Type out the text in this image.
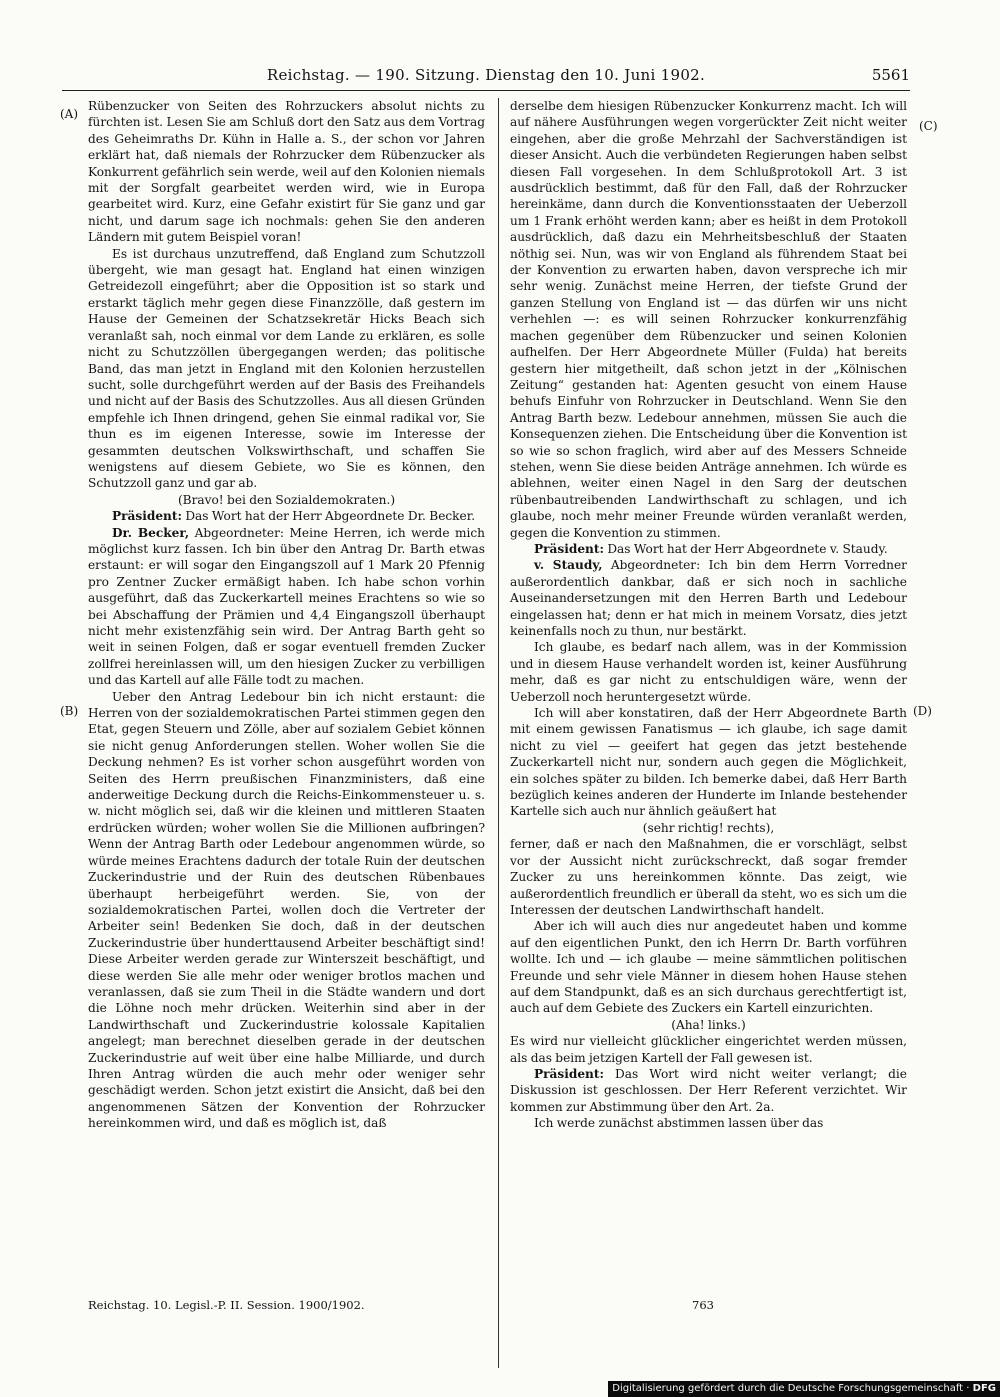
Reichstag. — 190. Sitzung. Dienstag den 10. Juni 1902.	5561
(A)
(B)
(C)
(D)

Rübenzucker von Seiten des Rohrzuckers absolut nichts zu fürchten ist. Lesen Sie am Schluß dort den Satz aus dem Vortrag des Geheimraths Dr. Kühn in Halle a. S., der schon vor Jahren erklärt hat, daß niemals der Rohrzucker dem Rübenzucker als Konkurrent gefährlich sein werde, weil auf den Kolonien niemals mit der Sorgfalt gearbeitet werden wird, wie in Europa gearbeitet wird. Kurz, eine Gefahr existirt für Sie ganz und gar nicht, und darum sage ich nochmals: gehen Sie den anderen Ländern mit gutem Beispiel voran!

Es ist durchaus unzutreffend, daß England zum Schutzzoll übergeht, wie man gesagt hat. England hat einen winzigen Getreidezoll eingeführt; aber die Opposition ist so stark und erstarkt täglich mehr gegen diese Finanzzölle, daß gestern im Hause der Gemeinen der Schatzsekretär Hicks Beach sich veranlaßt sah, noch einmal vor dem Lande zu erklären, es solle nicht zu Schutzzöllen übergegangen werden; das politische Band, das man jetzt in England mit den Kolonien herzustellen sucht, solle durchgeführt werden auf der Basis des Freihandels und nicht auf der Basis des Schutzzolles. Aus all diesen Gründen empfehle ich Ihnen dringend, gehen Sie einmal radikal vor, Sie thun es im eigenen Interesse, sowie im Interesse der gesammten deutschen Volkswirthschaft, und schaffen Sie wenigstens auf diesem Gebiete, wo Sie es können, den Schutzzoll ganz und gar ab.

(Bravo! bei den Sozialdemokraten.)

Präsident: Das Wort hat der Herr Abgeordnete Dr. Becker.

Dr. Becker, Abgeordneter: Meine Herren, ich werde mich möglichst kurz fassen. Ich bin über den Antrag Dr. Barth etwas erstaunt: er will sogar den Eingangszoll auf 1 Mark 20 Pfennig pro Zentner Zucker ermäßigt haben. Ich habe schon vorhin ausgeführt, daß das Zuckerkartell meines Erachtens so wie so bei Abschaffung der Prämien und 4,4 Eingangszoll überhaupt nicht mehr existenzfähig sein wird. Der Antrag Barth geht so weit in seinen Folgen, daß er sogar eventuell fremden Zucker zollfrei hereinlassen will, um den hiesigen Zucker zu verbilligen und das Kartell auf alle Fälle todt zu machen.

Ueber den Antrag Ledebour bin ich nicht erstaunt: die Herren von der sozialdemokratischen Partei stimmen gegen den Etat, gegen Steuern und Zölle, aber auf sozialem Gebiet können sie nicht genug Anforderungen stellen. Woher wollen Sie die Deckung nehmen? Es ist vorher schon ausgeführt worden von Seiten des Herrn preußischen Finanzministers, daß eine anderweitige Deckung durch die Reichs-Einkommensteuer u. s. w. nicht möglich sei, daß wir die kleinen und mittleren Staaten erdrücken würden; woher wollen Sie die Millionen aufbringen? Wenn der Antrag Barth oder Ledebour angenommen würde, so würde meines Erachtens dadurch der totale Ruin der deutschen Zuckerindustrie und der Ruin des deutschen Rübenbaues überhaupt herbeigeführt werden. Sie, von der sozialdemokratischen Partei, wollen doch die Vertreter der Arbeiter sein! Bedenken Sie doch, daß in der deutschen Zuckerindustrie über hunderttausend Arbeiter beschäftigt sind! Diese Arbeiter werden gerade zur Winterszeit beschäftigt, und diese werden Sie alle mehr oder weniger brotlos machen und veranlassen, daß sie zum Theil in die Städte wandern und dort die Löhne noch mehr drücken. Weiterhin sind aber in der Landwirthschaft und Zuckerindustrie kolossale Kapitalien angelegt; man berechnet dieselben gerade in der deutschen Zuckerindustrie auf weit über eine halbe Milliarde, und durch Ihren Antrag würden die auch mehr oder weniger sehr geschädigt werden. Schon jetzt existirt die Ansicht, daß bei den angenommenen Sätzen der Konvention der Rohrzucker hereinkommen wird, und daß es möglich ist, daß

derselbe dem hiesigen Rübenzucker Konkurrenz macht. Ich will auf nähere Ausführungen wegen vorgerückter Zeit nicht weiter eingehen, aber die große Mehrzahl der Sachverständigen ist dieser Ansicht. Auch die verbündeten Regierungen haben selbst diesen Fall vorgesehen. In dem Schlußprotokoll Art. 3 ist ausdrücklich bestimmt, daß für den Fall, daß der Rohrzucker hereinkäme, dann durch die Konventionsstaaten der Ueberzoll um 1 Frank erhöht werden kann; aber es heißt in dem Protokoll ausdrücklich, daß dazu ein Mehrheitsbeschluß der Staaten nöthig sei. Nun, was wir von England als führendem Staat bei der Konvention zu erwarten haben, davon verspreche ich mir sehr wenig. Zunächst meine Herren, der tiefste Grund der ganzen Stellung von England ist — das dürfen wir uns nicht verhehlen —: es will seinen Rohrzucker konkurrenzfähig machen gegenüber dem Rübenzucker und seinen Kolonien aufhelfen. Der Herr Abgeordnete Müller (Fulda) hat bereits gestern hier mitgetheilt, daß schon jetzt in der „Kölnischen Zeitung“ gestanden hat: Agenten gesucht von einem Hause behufs Einfuhr von Rohrzucker in Deutschland. Wenn Sie den Antrag Barth bezw. Ledebour annehmen, müssen Sie auch die Konsequenzen ziehen. Die Entscheidung über die Konvention ist so wie so schon fraglich, wird aber auf des Messers Schneide stehen, wenn Sie diese beiden Anträge annehmen. Ich würde es ablehnen, weiter einen Nagel in den Sarg der deutschen rübenbautreibenden Landwirthschaft zu schlagen, und ich glaube, noch mehr meiner Freunde würden veranlaßt werden, gegen die Konvention zu stimmen.

Präsident: Das Wort hat der Herr Abgeordnete v. Staudy.

v. Staudy, Abgeordneter: Ich bin dem Herrn Vorredner außerordentlich dankbar, daß er sich noch in sachliche Auseinandersetzungen mit den Herren Barth und Ledebour eingelassen hat; denn er hat mich in meinem Vorsatz, dies jetzt keinenfalls noch zu thun, nur bestärkt.

Ich glaube, es bedarf nach allem, was in der Kommission und in diesem Hause verhandelt worden ist, keiner Ausführung mehr, daß es gar nicht zu entschuldigen wäre, wenn der Ueberzoll noch heruntergesetzt würde.

Ich will aber konstatiren, daß der Herr Abgeordnete Barth mit einem gewissen Fanatismus — ich glaube, ich sage damit nicht zu viel — geeifert hat gegen das jetzt bestehende Zuckerkartell nicht nur, sondern auch gegen die Möglichkeit, ein solches später zu bilden. Ich bemerke dabei, daß Herr Barth bezüglich keines anderen der Hunderte im Inlande bestehender Kartelle sich auch nur ähnlich geäußert hat

(sehr richtig! rechts),

ferner, daß er nach den Maßnahmen, die er vorschlägt, selbst vor der Aussicht nicht zurückschreckt, daß sogar fremder Zucker zu uns hereinkommen könnte. Das zeigt, wie außerordentlich freundlich er überall da steht, wo es sich um die Interessen der deutschen Landwirthschaft handelt.

Aber ich will auch dies nur angedeutet haben und komme auf den eigentlichen Punkt, den ich Herrn Dr. Barth vorführen wollte. Ich und — ich glaube — meine sämmtlichen politischen Freunde und sehr viele Männer in diesem hohen Hause stehen auf dem Standpunkt, daß es an sich durchaus gerechtfertigt ist, auch auf dem Gebiete des Zuckers ein Kartell einzurichten.

(Aha! links.)

Es wird nur vielleicht glücklicher eingerichtet werden müssen, als das beim jetzigen Kartell der Fall gewesen ist.

Präsident: Das Wort wird nicht weiter verlangt; die Diskussion ist geschlossen. Der Herr Referent verzichtet. Wir kommen zur Abstimmung über den Art. 2a.

Ich werde zunächst abstimmen lassen über das

Reichstag. 10. Legisl.-P. II. Session. 1900/1902.	763
Digitalisierung gefördert durch die Deutsche Forschungsgemeinschaft · DFG
